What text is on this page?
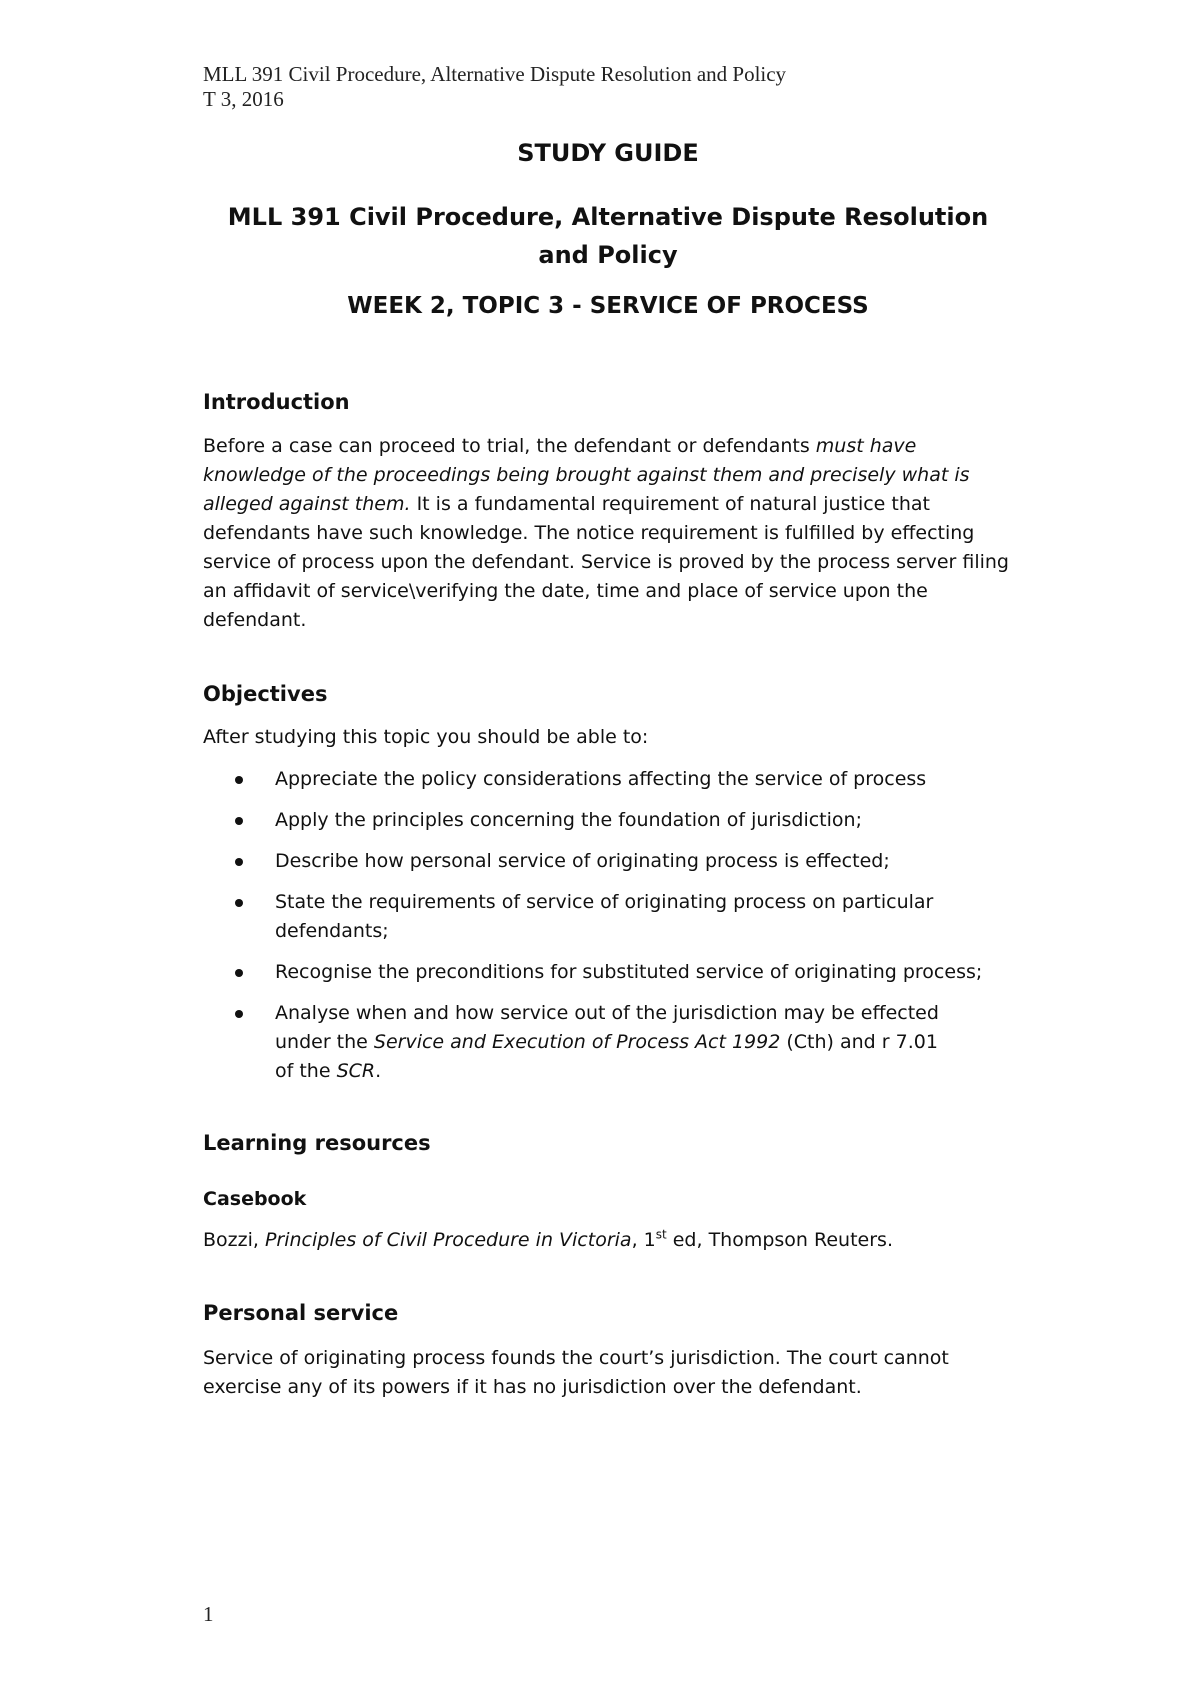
MLL 391 Civil Procedure, Alternative Dispute Resolution and Policy
T 3, 2016
STUDY GUIDE
MLL 391 Civil Procedure, Alternative Dispute Resolution
and Policy
WEEK 2, TOPIC 3 - SERVICE OF PROCESS
Introduction

Before a case can proceed to trial, the defendant or defendants must have knowledge of the proceedings being brought against them and precisely what is alleged against them. It is a fundamental requirement of natural justice that defendants have such knowledge. The notice requirement is fulfilled by effecting service of process upon the defendant. Service is proved by the process server filing an affidavit of service\verifying the date, time and place of service upon the defendant.

Objectives

After studying this topic you should be able to:

Appreciate the policy considerations affecting the service of process
Apply the principles concerning the foundation of jurisdiction;
Describe how personal service of originating process is effected;
State the requirements of service of originating process on particular defendants;
Recognise the preconditions for substituted service of originating process;
Analyse when and how service out of the jurisdiction may be effected under the Service and Execution of Process Act 1992 (Cth) and r 7.01 of the SCR.
Learning resources
Casebook

Bozzi, Principles of Civil Procedure in Victoria, 1st ed, Thompson Reuters.

Personal service

Service of originating process founds the court’s jurisdiction. The court cannot exercise any of its powers if it has no jurisdiction over the defendant.

1
